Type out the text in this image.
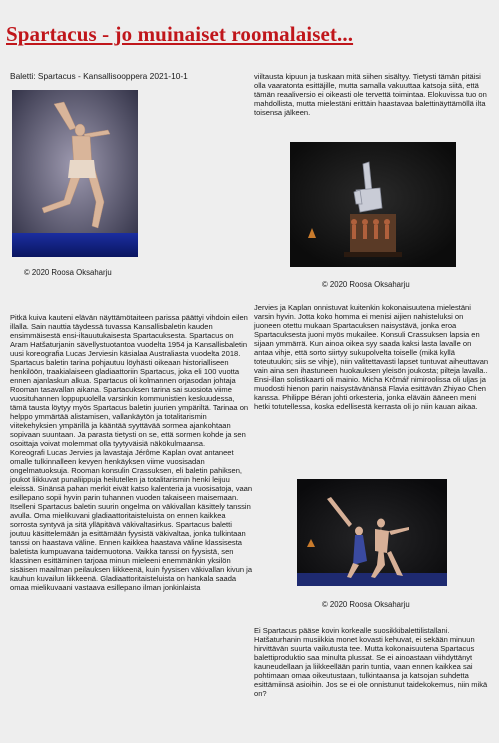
Spartacus - jo muinaiset roomalaiset...
Baletti: Spartacus - Kansallisooppera 2021-10-1
© 2020 Roosa Oksaharju
© 2020 Roosa Oksaharju
© 2020 Roosa Oksaharju

Pitkä kuiva kauteni elävän näyttämötaiteen parissa päättyi vihdoin eilen illalla. Sain nauttia täydessä tuvassa Kansallisbaletin kauden ensimmäisestä ensi-iltauutukaisesta Spartacuksesta. Spartacus on Aram Hatšaturjanin sävellystuotantoa vuodelta 1954 ja Kansallisbaletin uusi koreografia Lucas Jerviesin käsialaa Australiasta vuodelta 2018.

Spartacus baletin tarina pohjautuu löyhästi oikeaan historialliseen henkilöön, traakialaiseen gladiaattoriin Spartacus, joka eli 100 vuotta ennen ajanlaskun alkua. Spartacus oli kolmannen orjasodan johtaja Rooman tasavallan aikana. Spartacuksen tarina sai suosiota viime vuosituhannen loppupuolella varsinkin kommunistien keskuudessa, tämä tausta löytyy myös Spartacus baletin juurien ympäriltä. Tarinaa on helppo ymmärtää alistamisen, vallankäytön ja totalitarismin viitekehyksien ympärillä ja kääntää syyttävää sormea ajankohtaan sopivaan suuntaan. Ja parasta tietysti on se, että sormen kohde ja sen osoittaja voivat molemmat olla tyytyväisiä näkökulmaansa.

Koreografi Lucas Jervies ja lavastaja Jérôme Kaplan ovat antaneet omalle tulkinnalleen kevyen henkäyksen viime vuosisadan ongelmatuoksuja. Rooman konsulin Crassuksen, eli baletin pahiksen, joukot liikkuvat punaliippuja heilutellen ja totalitarismin henki leijuu eleissä. Sinänsä pahan merkit eivät katso kalenteria ja vuosisatoja, vaan esillepano sopii hyvin parin tuhannen vuoden takaiseen maisemaan.

Itselleni Spartacus baletin suurin ongelma on väkivallan käsittely tanssin avulla. Oma mielikuvani gladiaattoritaisteluista on ennen kaikkea sorrosta syntyvä ja sitä ylläpitävä väkivaltasirkus. Spartacus baletti joutuu käsittelemään ja esittämään fyysistä väkivaltaa, jonka tulkintaan tanssi on haastava väline. Ennen kaikkea haastava väline klassisesta baletista kumpuavana taidemuotona. Vaikka tanssi on fyysistä, sen klassinen esittäminen tarjoaa minun mieleeni enemmänkin yksilön sisäisen maailman peilauksen liikkeenä, kuin fyysisen väkivallan kivun ja kauhun kuvailun liikkeenä. Gladiaattoritaisteluista on hankala saada omaa mielikuvaani vastaava esillepano ilman jonkinlaista

viiltausta kipuun ja tuskaan mitä siihen sisältyy. Tietysti tämän pitäisi olla vaaratonta esittäjille, mutta samalla vakuuttaa katsoja siitä, että tämän reaaliversio ei oikeasti ole tervettä toimintaa. Elokuvissa tuo on mahdollista, mutta mielestäni erittäin haastavaa balettinäyttämöllä ilta toisensa jälkeen.

Jervies ja Kaplan onnistuvat kuitenkin kokonaisuutena mielestäni varsin hyvin. Jotta koko homma ei menisi aijien nahisteluksi on juoneen otettu mukaan Spartacuksen naisystävä, jonka eroa Spartacuksesta juoni myös mukailee. Konsuli Crassuksen lapsia en sijaan ymmärrä. Kun ainoa oikea syy saada kaksi lasta lavalle on antaa vihje, että sorto siirtyy sukupolvelta toiselle (mikä kyllä toteutuukin; siis se vihje), niin valitettavasti lapset tuntuvat aiheuttavan vain aina sen ihastuneen huokauksen yleisön joukosta; pilteja lavalla..

Ensi-illan solistikaarti oli mainio. Micha Krčmář nimiroolissa oli uljas ja muodosti hienon parin naisystävänänsä Flavia esittävän Zhiyao Chen kanssa. Philippe Béran johti orkesteria, jonka eläväin ääneen meni hetki totutellessa, koska edellisestä kerrasta oli jo niin kauan aikaa.

Ei Spartacus pääse kovin korkealle suosikkibalettilistallani. Hatšaturhanin musiikkia monet kovasti kehuvat, ei sekään minuun hirvittävän suurta vaikutusta tee. Mutta kokonaisuutena Spartacus balettiproduktio saa minulta plussat. Se ei ainoastaan viihdyttänyt kauneudellaan ja liikkeellään parin tuntia, vaan ennen kaikkea sai pohtimaan omaa oikeutustaan, tulkintaansa ja katsojan suhdetta esittämiinsä asioihin. Jos se ei ole onnistunut taidekokemus, niin mikä on?
